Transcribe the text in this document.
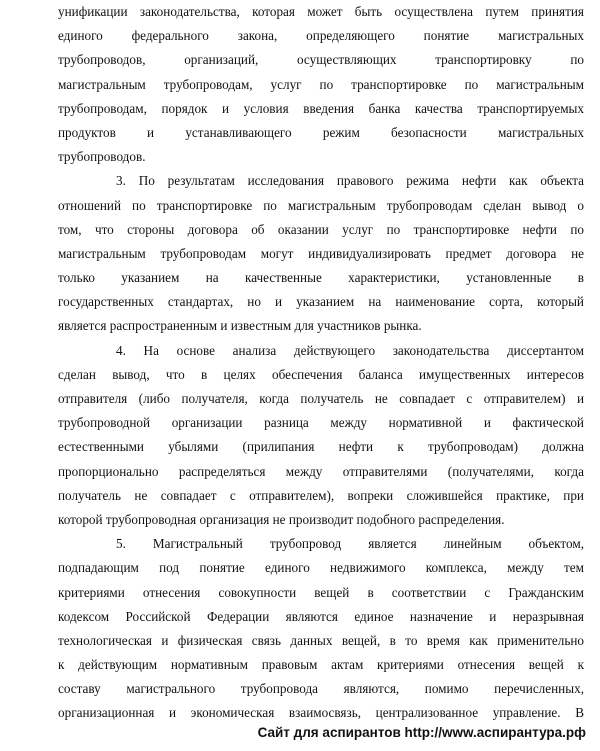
унификации законодательства, которая может быть осуществлена путем принятия
единого федерального закона, определяющего понятие магистральных
трубопроводов, организаций, осуществляющих транспортировку по
магистральным трубопроводам, услуг по транспортировке по магистральным
трубопроводам, порядок и условия введения банка качества транспортируемых
продуктов и устанавливающего режим безопасности магистральных
трубопроводов.
3. По результатам исследования правового режима нефти как объекта
отношений по транспортировке по магистральным трубопроводам сделан вывод о
том, что стороны договора об оказании услуг по транспортировке нефти по
магистральным трубопроводам могут индивидуализировать предмет договора не
только указанием на качественные характеристики, установленные в
государственных стандартах, но и указанием на наименование сорта, который
является распространенным и известным для участников рынка.
4. На основе анализа действующего законодательства диссертантом
сделан вывод, что в целях обеспечения баланса имущественных интересов
отправителя (либо получателя, когда получатель не совпадает с отправителем) и
трубопроводной организации разница между нормативной и фактической
естественными убылями (прилипания нефти к трубопроводам) должна
пропорционально распределяться между отправителями (получателями, когда
получатель не совпадает с отправителем), вопреки сложившейся практике, при
которой трубопроводная организация не производит подобного распределения.
5. Магистральный трубопровод является линейным объектом,
подпадающим под понятие единого недвижимого комплекса, между тем
критериями отнесения совокупности вещей в соответствии с Гражданским
кодексом Российской Федерации являются единое назначение и неразрывная
технологическая и физическая связь данных вещей, в то время как применительно
к действующим нормативным правовым актам критериями отнесения вещей к
составу магистрального трубопровода являются, помимо перечисленных,
организационная и экономическая взаимосвязь, централизованное управление. В
Сайт для аспирантов http://www.аспирантура.рф
